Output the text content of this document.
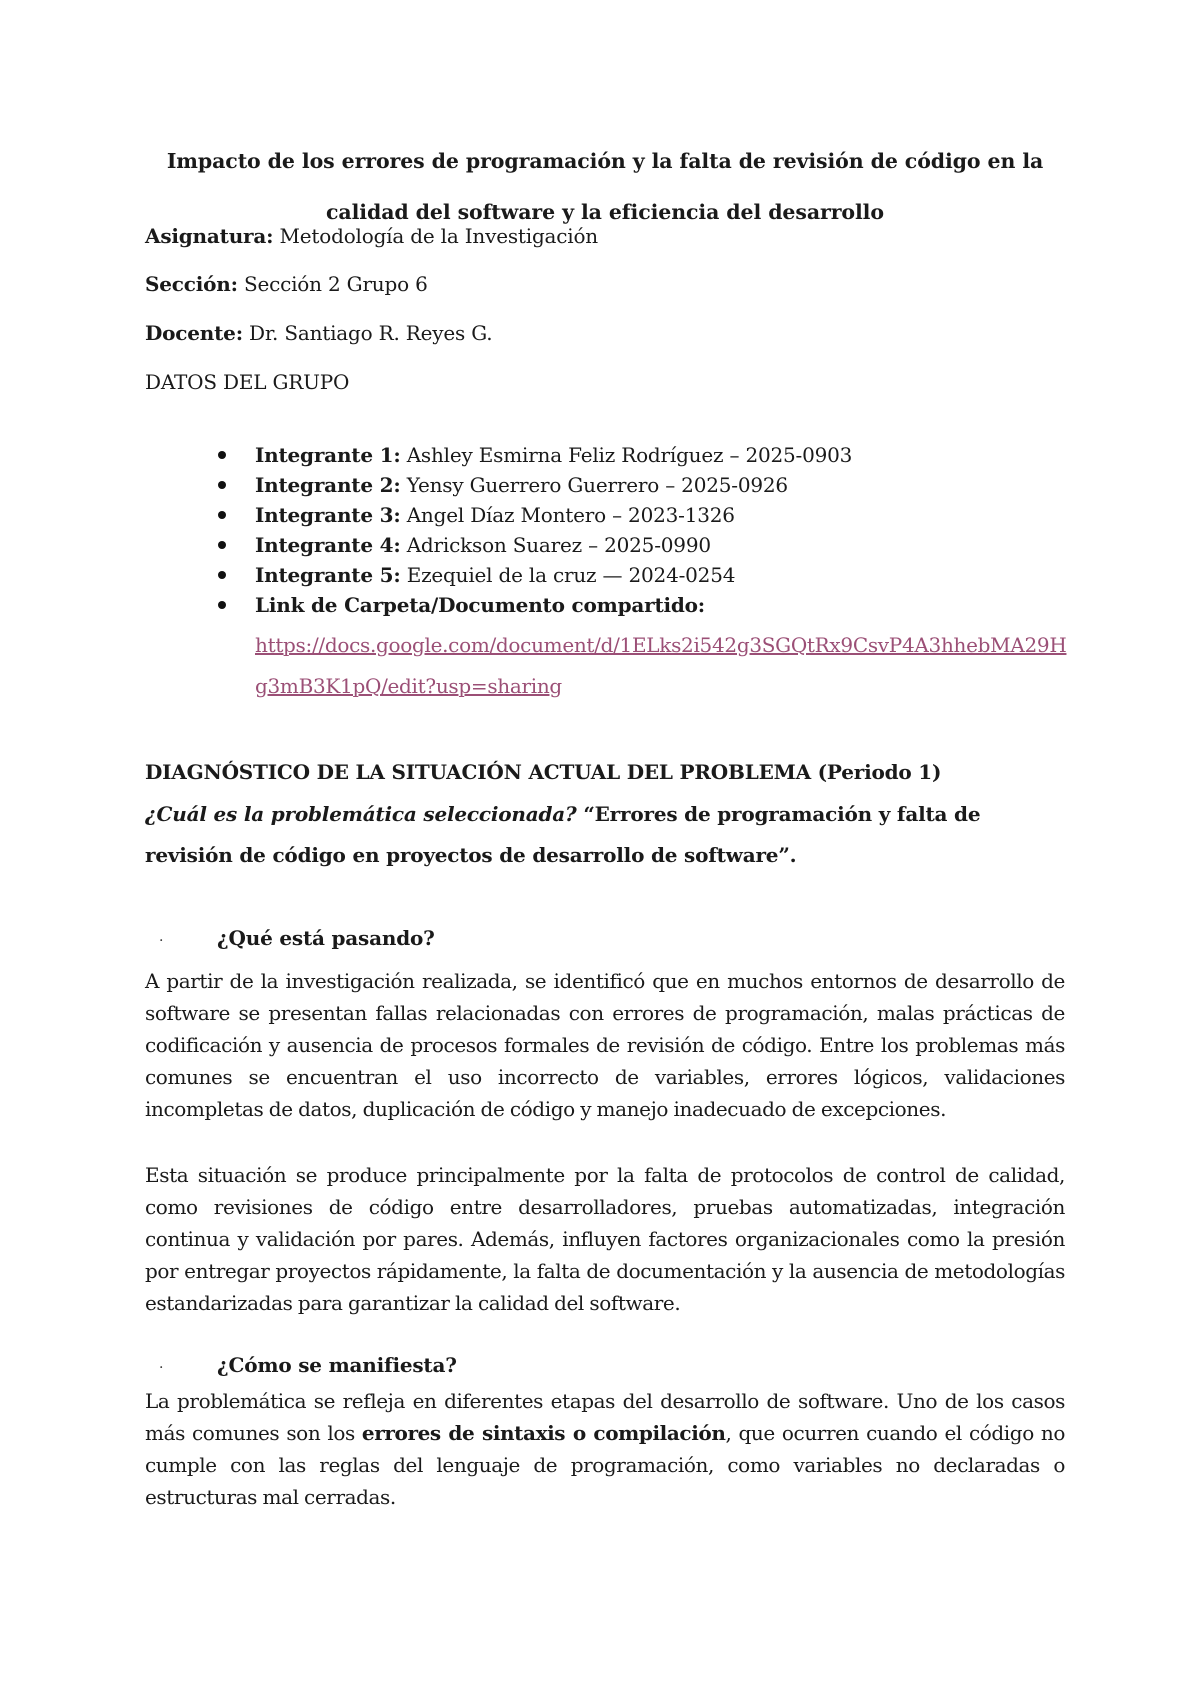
Impacto de los errores de programación y la falta de revisión de código en la calidad del software y la eficiencia del desarrollo
Asignatura: Metodología de la Investigación
Sección: Sección 2 Grupo 6
Docente: Dr. Santiago R. Reyes G.
DATOS DEL GRUPO
Integrante 1: Ashley Esmirna Feliz Rodríguez – 2025-0903
Integrante 2: Yensy Guerrero Guerrero – 2025-0926
Integrante 3: Angel Díaz Montero – 2023-1326
Integrante 4: Adrickson Suarez – 2025-0990
Integrante 5: Ezequiel de la cruz — 2024-0254
Link de Carpeta/Documento compartido:
https://docs.google.com/document/d/1ELks2i542g3SGQtRx9CsvP4A3hhebMA29Hg3mB3K1pQ/edit?usp=sharing
DIAGNÓSTICO DE LA SITUACIÓN ACTUAL DEL PROBLEMA (Periodo 1)
¿Cuál es la problemática seleccionada? “Errores de programación y falta de revisión de código en proyectos de desarrollo de software”.
·	¿Qué está pasando?
A partir de la investigación realizada, se identificó que en muchos entornos de desarrollo de software se presentan fallas relacionadas con errores de programación, malas prácticas de codificación y ausencia de procesos formales de revisión de código. Entre los problemas más comunes se encuentran el uso incorrecto de variables, errores lógicos, validaciones incompletas de datos, duplicación de código y manejo inadecuado de excepciones.
Esta situación se produce principalmente por la falta de protocolos de control de calidad, como revisiones de código entre desarrolladores, pruebas automatizadas, integración continua y validación por pares. Además, influyen factores organizacionales como la presión por entregar proyectos rápidamente, la falta de documentación y la ausencia de metodologías estandarizadas para garantizar la calidad del software.
·	¿Cómo se manifiesta?
La problemática se refleja en diferentes etapas del desarrollo de software. Uno de los casos más comunes son los errores de sintaxis o compilación, que ocurren cuando el código no cumple con las reglas del lenguaje de programación, como variables no declaradas o estructuras mal cerradas.
